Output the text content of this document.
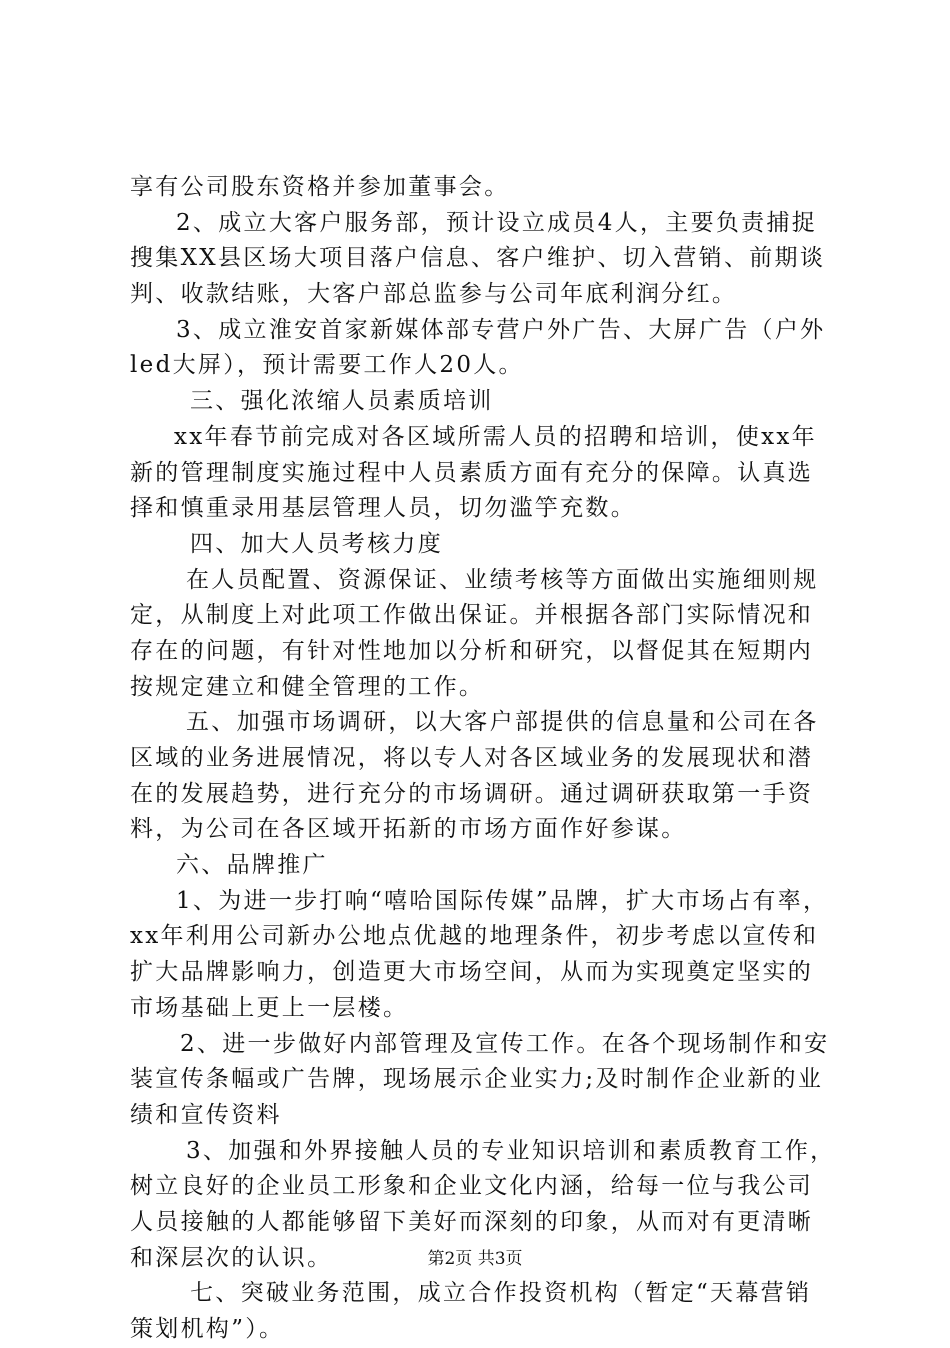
享有公司股东资格并参加董事会。
2、成立大客户服务部，预计设立成员4人，主要负责捕捉
搜集XX县区场大项目落户信息、客户维护、切入营销、前期谈
判、收款结账，大客户部总监参与公司年底利润分红。
3、成立淮安首家新媒体部专营户外广告、大屏广告（户外
led大屏），预计需要工作人20人。
三、强化浓缩人员素质培训
xx年春节前完成对各区域所需人员的招聘和培训，使xx年
新的管理制度实施过程中人员素质方面有充分的保障。认真选
择和慎重录用基层管理人员，切勿滥竽充数。
四、加大人员考核力度
在人员配置、资源保证、业绩考核等方面做出实施细则规
定，从制度上对此项工作做出保证。并根据各部门实际情况和
存在的问题，有针对性地加以分析和研究，以督促其在短期内
按规定建立和健全管理的工作。
五、加强市场调研，以大客户部提供的信息量和公司在各
区域的业务进展情况，将以专人对各区域业务的发展现状和潜
在的发展趋势，进行充分的市场调研。通过调研获取第一手资
料，为公司在各区域开拓新的市场方面作好参谋。
六、品牌推广
1、为进一步打响“嘻哈国际传媒”品牌，扩大市场占有率，
xx年利用公司新办公地点优越的地理条件，初步考虑以宣传和
扩大品牌影响力，创造更大市场空间，从而为实现奠定坚实的
市场基础上更上一层楼。
2、进一步做好内部管理及宣传工作。在各个现场制作和安
装宣传条幅或广告牌，现场展示企业实力;及时制作企业新的业
绩和宣传资料
3、加强和外界接触人员的专业知识培训和素质教育工作，
树立良好的企业员工形象和企业文化内涵，给每一位与我公司
人员接触的人都能够留下美好而深刻的印象，从而对有更清晰
和深层次的认识。
七、突破业务范围，成立合作投资机构（暂定“天幕营销
策划机构”）。
第2页 共3页
